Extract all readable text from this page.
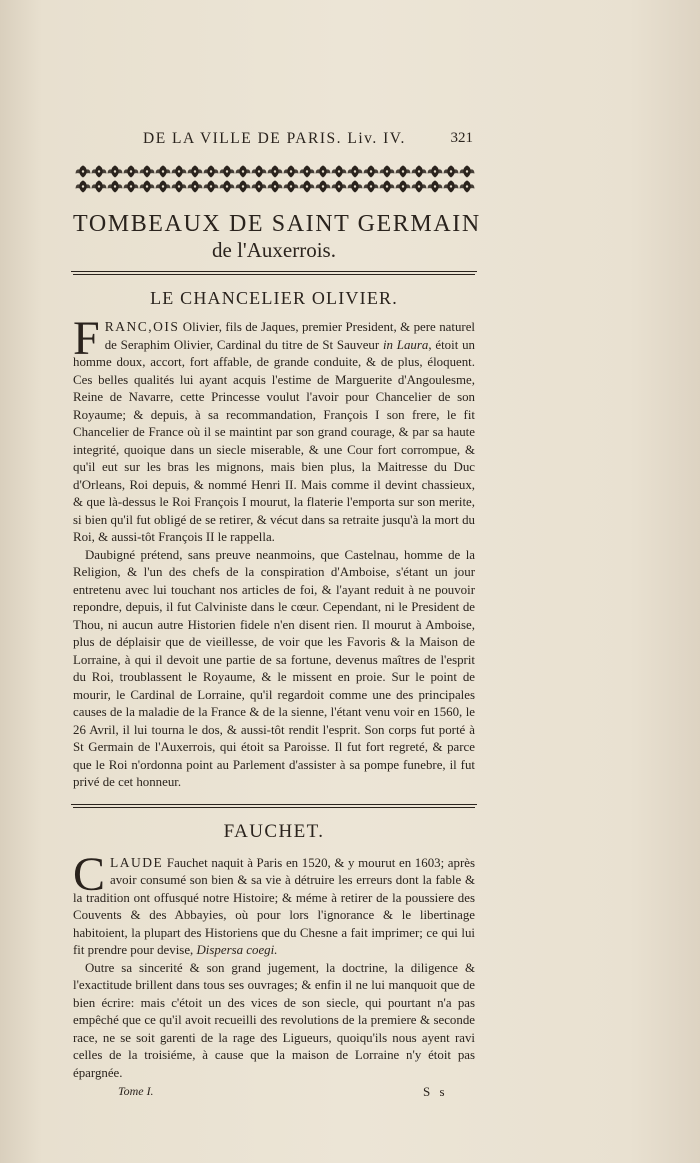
DE LA VILLE DE PARIS. Liv. IV.	321
TOMBEAUX DE SAINT GERMAIN
de l'Auxerrois.
LE CHANCELIER OLIVIER.

FRANC,OIS Olivier, fils de Jaques, premier President, & pere naturel de Seraphim Olivier, Cardinal du titre de St Sauveur in Laura, étoit un homme doux, accort, fort affable, de grande conduite, & de plus, éloquent. Ces belles qualités lui ayant acquis l'estime de Marguerite d'Angoulesme, Reine de Navarre, cette Princesse voulut l'avoir pour Chancelier de son Royaume; & depuis, à sa recommandation, François I son frere, le fit Chancelier de France où il se maintint par son grand courage, & par sa haute integrité, quoique dans un siecle miserable, & une Cour fort corrompue, & qu'il eut sur les bras les mignons, mais bien plus, la Maitresse du Duc d'Orleans, Roi depuis, & nommé Henri II. Mais comme il devint chassieux, & que là-dessus le Roi François I mourut, la flaterie l'emporta sur son merite, si bien qu'il fut obligé de se retirer, & vécut dans sa retraite jusqu'à la mort du Roi, & aussi-tôt François II le rappella.

Daubigné prétend, sans preuve neanmoins, que Castelnau, homme de la Religion, & l'un des chefs de la conspiration d'Amboise, s'étant un jour entretenu avec lui touchant nos articles de foi, & l'ayant reduit à ne pouvoir repondre, depuis, il fut Calviniste dans le cœur. Cependant, ni le President de Thou, ni aucun autre Historien fidele n'en disent rien. Il mourut à Amboise, plus de déplaisir que de vieillesse, de voir que les Favoris & la Maison de Lorraine, à qui il devoit une partie de sa fortune, devenus maîtres de l'esprit du Roi, troublassent le Royaume, & le missent en proie. Sur le point de mourir, le Cardinal de Lorraine, qu'il regardoit comme une des principales causes de la maladie de la France & de la sienne, l'étant venu voir en 1560, le 26 Avril, il lui tourna le dos, & aussi-tôt rendit l'esprit. Son corps fut porté à St Germain de l'Auxerrois, qui étoit sa Paroisse. Il fut fort regreté, & parce que le Roi n'ordonna point au Parlement d'assister à sa pompe funebre, il fut privé de cet honneur.

FAUCHET.

CLAUDE Fauchet naquit à Paris en 1520, & y mourut en 1603; après avoir consumé son bien & sa vie à détruire les erreurs dont la fable & la tradition ont offusqué notre Histoire; & méme à retirer de la poussiere des Couvents & des Abbayies, où pour lors l'ignorance & le libertinage habitoient, la plupart des Historiens que du Chesne a fait imprimer; ce qui lui fit prendre pour devise, Dispersa coegi.

Outre sa sincerité & son grand jugement, la doctrine, la diligence & l'exactitude brillent dans tous ses ouvrages; & enfin il ne lui manquoit que de bien écrire: mais c'étoit un des vices de son siecle, qui pourtant n'a pas empêché que ce qu'il avoit recueilli des revolutions de la premiere & seconde race, ne se soit garenti de la rage des Ligueurs, quoiqu'ils nous ayent ravi celles de la troisiéme, à cause que la maison de Lorraine n'y étoit pas épargnée.

Tome I.	S s
